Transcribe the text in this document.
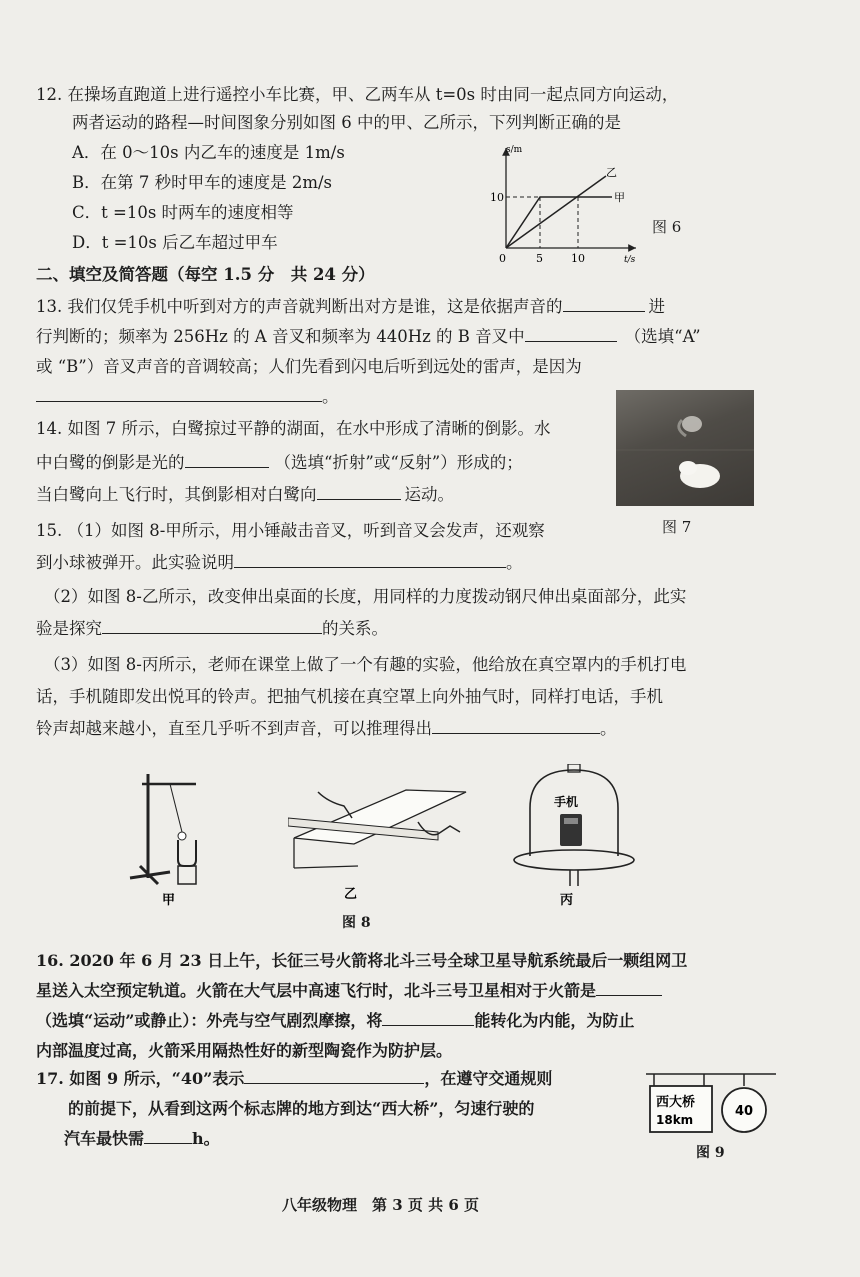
12. 在操场直跑道上进行遥控小车比赛，甲、乙两车从 t=0s 时由同一起点同方向运动，
两者运动的路程—时间图象分别如图 6 中的甲、乙所示，下列判断正确的是
A．在 0～10s 内乙车的速度是 1m/s
B．在第 7 秒时甲车的速度是 2m/s
C．t =10s 时两车的速度相等
D．t =10s 后乙车超过甲车
s/m
t/s
0
10
5	10
甲
乙
图 6
二、填空及简答题（每空 1.5 分　共 24 分）
13. 我们仅凭手机中听到对方的声音就判断出对方是谁，这是依据声音的	进
行判断的；频率为 256Hz 的 A 音叉和频率为 440Hz 的 B 音叉中	（选填“A”
或 “B”）音叉声音的音调较高；人们先看到闪电后听到远处的雷声，是因为
。
14. 如图 7 所示，白鹭掠过平静的湖面，在水中形成了清晰的倒影。水
中白鹭的倒影是光的	（选填“折射”或“反射”）形成的；
当白鹭向上飞行时，其倒影相对白鹭向	运动。
图 7
15. （1）如图 8-甲所示，用小锤敲击音叉，听到音叉会发声，还观察
到小球被弹开。此实验说明	。
（2）如图 8-乙所示，改变伸出桌面的长度，用同样的力度拨动钢尺伸出桌面部分，此实
验是探究	的关系。
（3）如图 8-丙所示，老师在课堂上做了一个有趣的实验，他给放在真空罩内的手机打电
话，手机随即发出悦耳的铃声。把抽气机接在真空罩上向外抽气时，同样打电话，手机
铃声却越来越小，直至几乎听不到声音，可以推理得出	。
甲	乙
手机
丙
图 8
16. 2020 年 6 月 23 日上午，长征三号火箭将北斗三号全球卫星导航系统最后一颗组网卫
星送入太空预定轨道。火箭在大气层中高速飞行时，北斗三号卫星相对于火箭是
（选填“运动”或静止）：外壳与空气剧烈摩擦，将	能转化为内能，为防止
内部温度过高，火箭采用隔热性好的新型陶瓷作为防护层。
17. 如图 9 所示，“40”表示	，在遵守交通规则
的前提下，从看到这两个标志牌的地方到达“西大桥”，匀速行驶的
汽车最快需	h。
西大桥
18km
40
图 9
八年级物理　第 3 页 共 6 页
